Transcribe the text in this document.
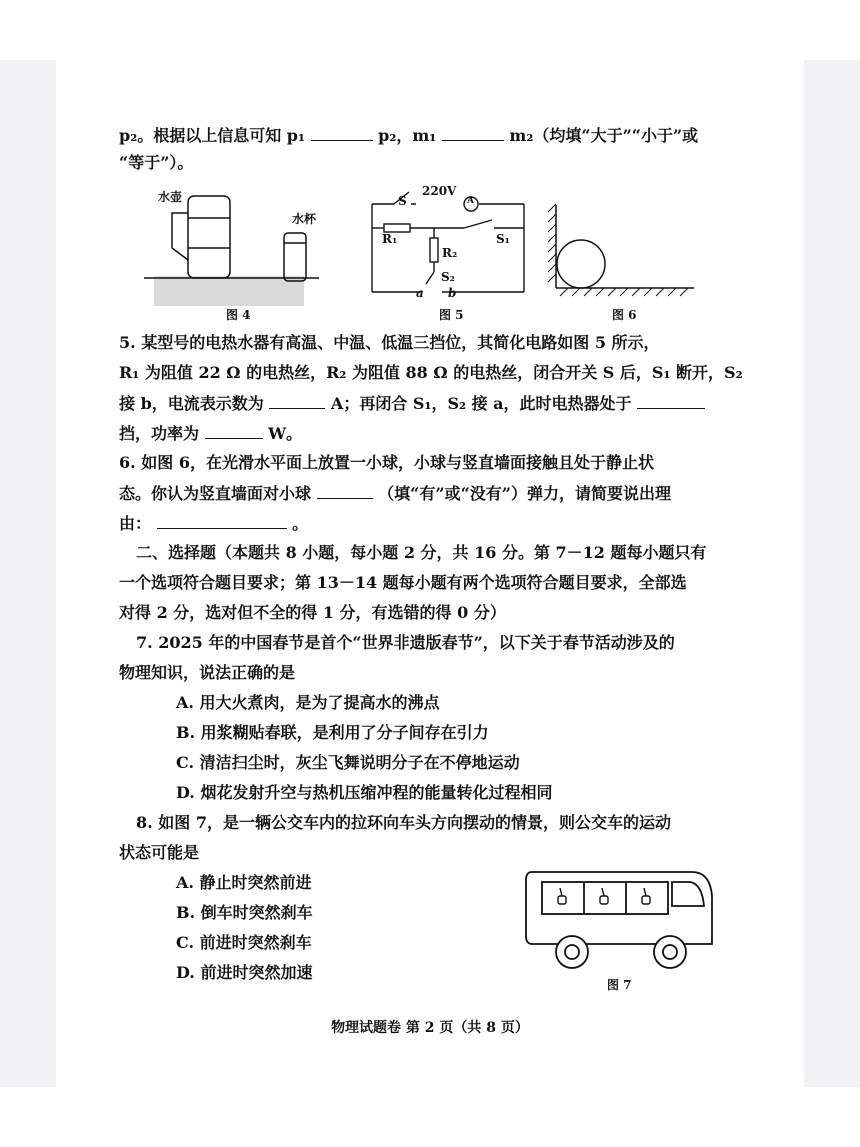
p₂。根据以上信息可知 p₁	p₂，m₁	m₂（均填“大于”“小于”或
“等于”）。
水壶
水杯
图 4
S
220V
A
R₁
R₂
S₁
S₂
a b
图 5	图 6
5. 某型号的电热水器有高温、中温、低温三挡位，其简化电路如图 5 所示，
R₁ 为阻值 22 Ω 的电热丝，R₂ 为阻值 88 Ω 的电热丝，闭合开关 S 后，S₁ 断开，S₂
接 b，电流表示数为	A；再闭合 S₁，S₂ 接 a，此时电热器处于
挡，功率为	W。
6. 如图 6，在光滑水平面上放置一小球，小球与竖直墙面接触且处于静止状
态。你认为竖直墙面对小球	（填“有”或“没有”）弹力，请简要说出理
由：	。
二、选择题（本题共 8 小题，每小题 2 分，共 16 分。第 7－12 题每小题只有
一个选项符合题目要求；第 13－14 题每小题有两个选项符合题目要求，全部选
对得 2 分，选对但不全的得 1 分，有选错的得 0 分）
7. 2025 年的中国春节是首个“世界非遗版春节”，以下关于春节活动涉及的
物理知识，说法正确的是
A. 用大火煮肉，是为了提高水的沸点
B. 用浆糊贴春联，是利用了分子间存在引力
C. 清洁扫尘时，灰尘飞舞说明分子在不停地运动
D. 烟花发射升空与热机压缩冲程的能量转化过程相同
8. 如图 7，是一辆公交车内的拉环向车头方向摆动的情景，则公交车的运动
状态可能是
A. 静止时突然前进
B. 倒车时突然刹车
C. 前进时突然刹车
D. 前进时突然加速
图 7
物理试题卷 第 2 页（共 8 页）
